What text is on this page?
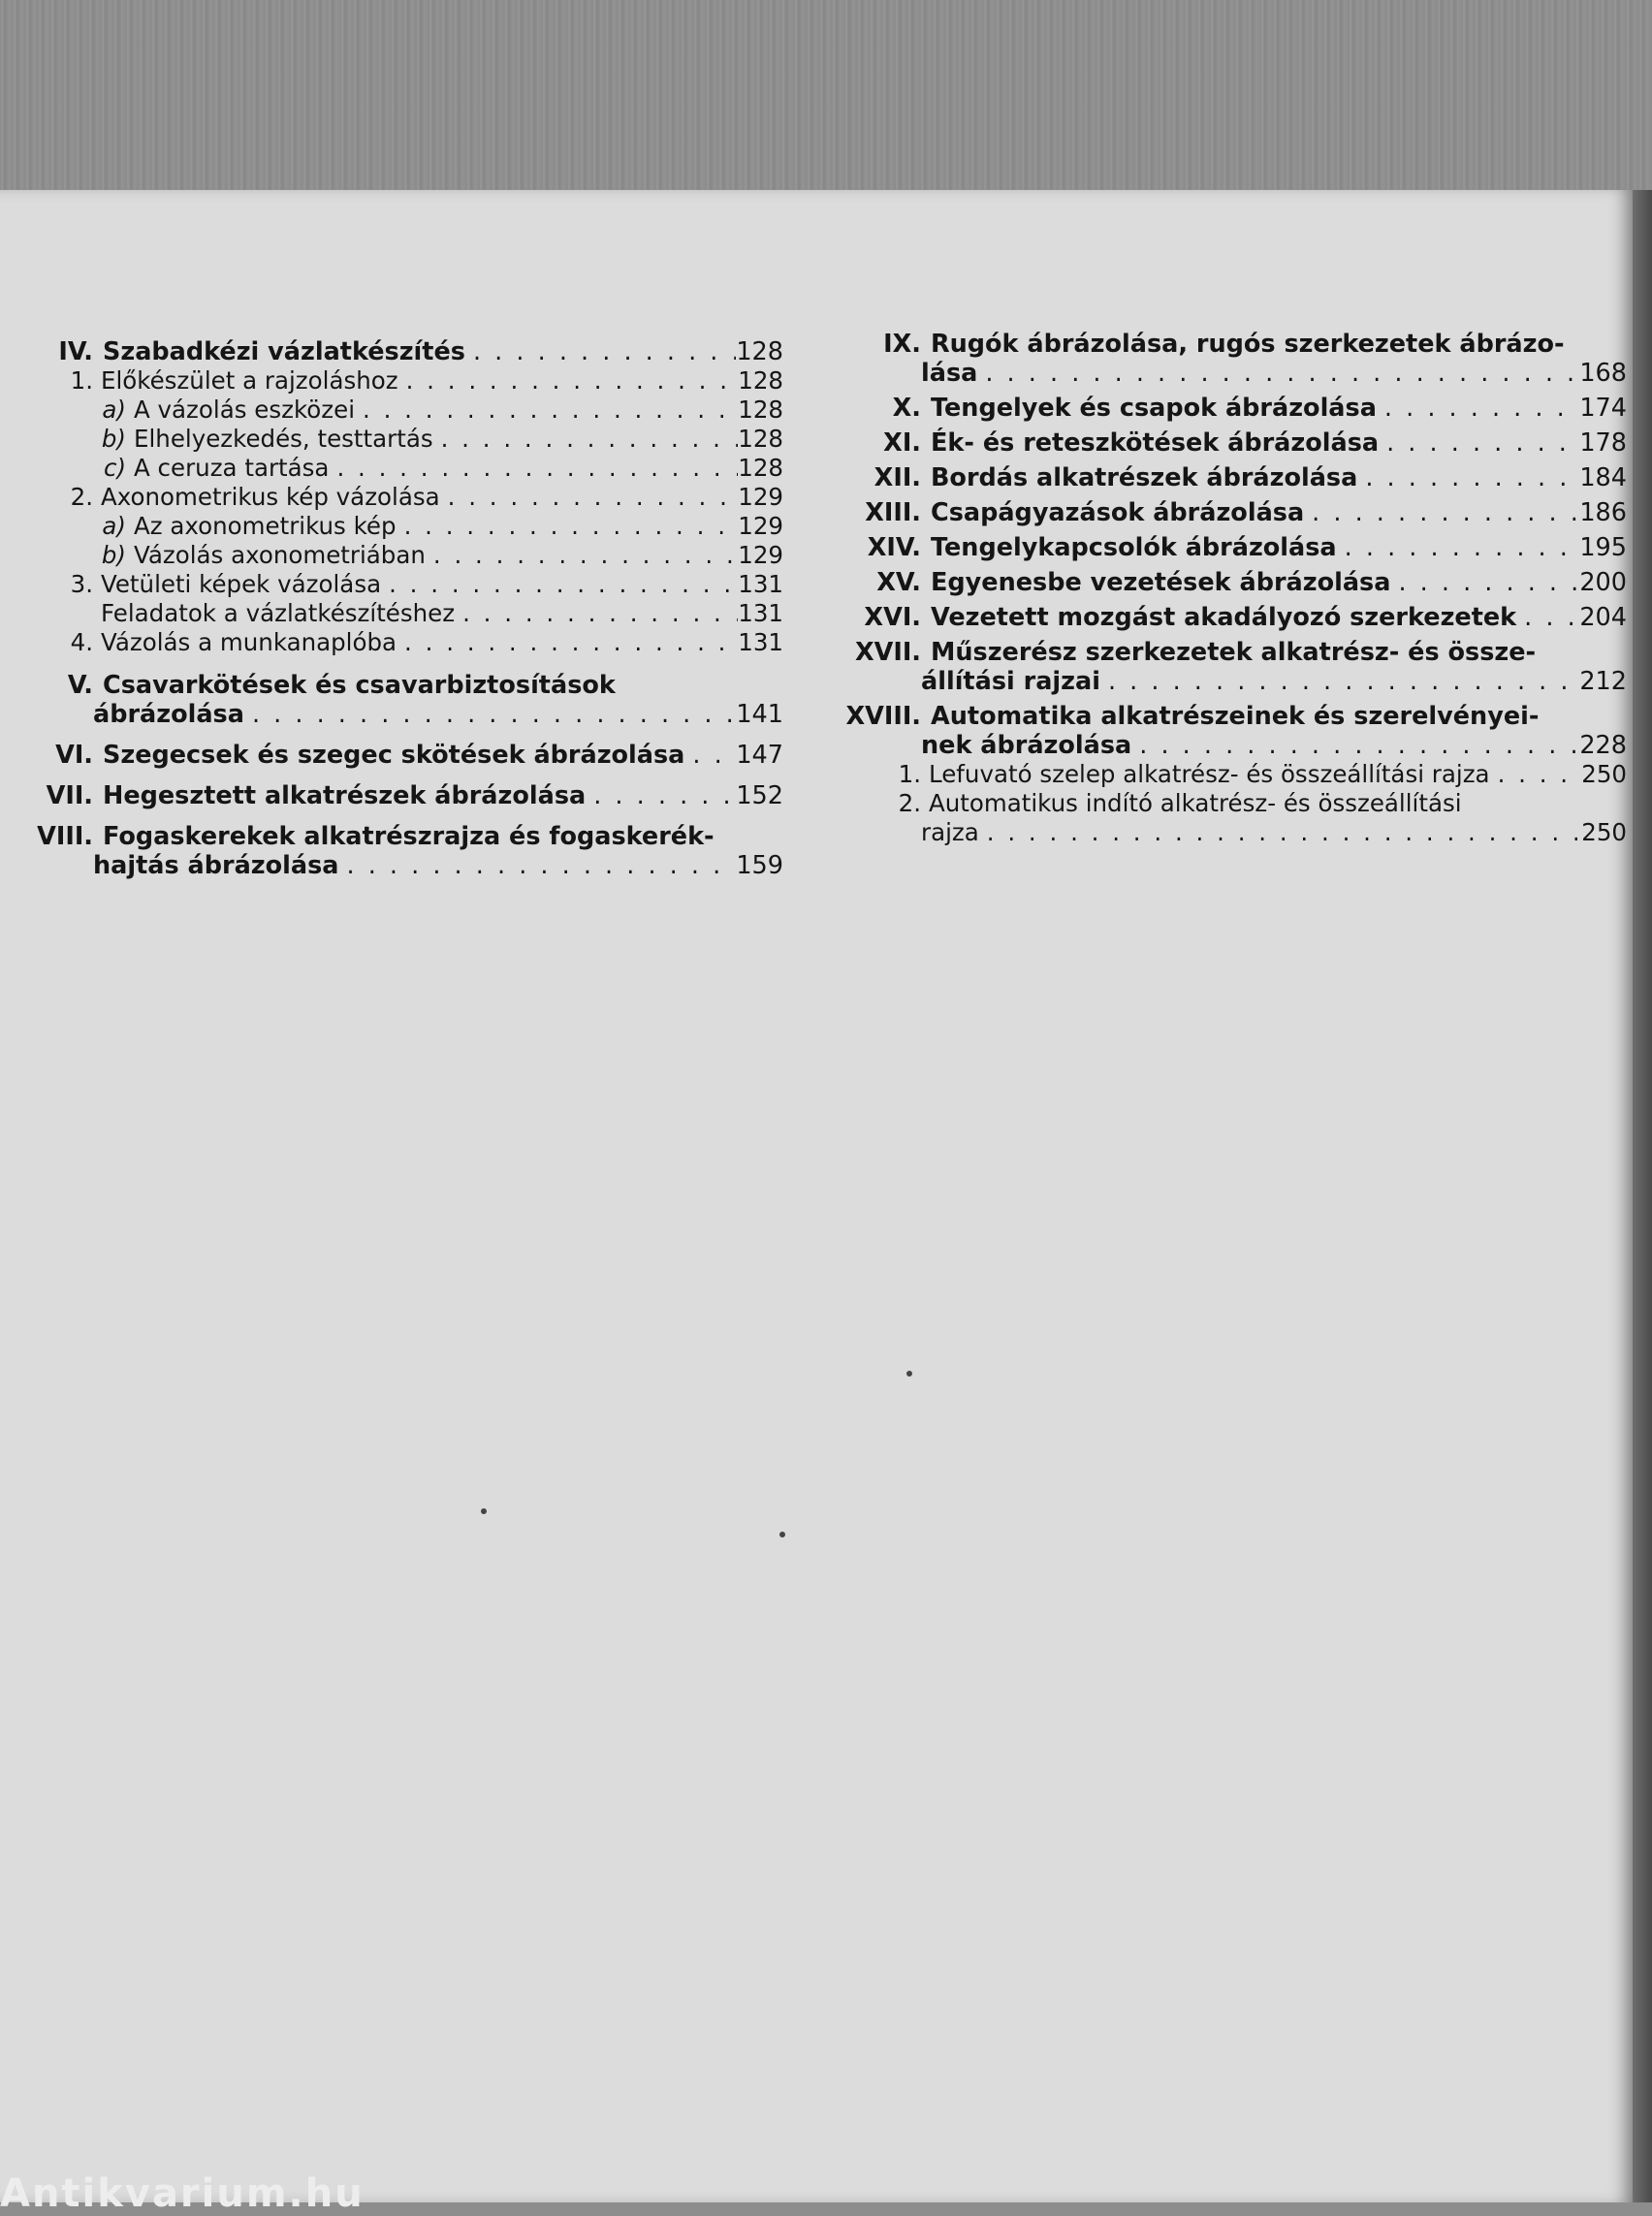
IV. Szabadkézi vázlatkészítés . . .	128
1. Előkészület a rajzoláshoz . . .	128
a) A vázolás eszközei . . .	128
b) Elhelyezkedés, testtartás . . .	128
c) A ceruza tartása . . .	128
2. Axonometrikus kép vázolása . . .	129
a) Az axonometrikus kép . . .	129
b) Vázolás axonometriában . . .	129
3. Vetületi képek vázolása . . .	131
Feladatok a vázlatkészítéshez . . .	131
4. Vázolás a munkanaplóba . . .	131
V. Csavarkötések és csavarbiztosítások
ábrázolása . . .	141
VI. Szegecsek és szegec skötések ábrázolása . . . 147
VII. Hegesztett alkatrészek ábrázolása . . .	152
VIII. Fogaskerekek alkatrészrajza és fogaskerék-
hajtás ábrázolása . . .	159
IX. Rugók ábrázolása, rugós szerkezetek ábrázo-
lása . . .	168
X. Tengelyek és csapok ábrázolása . . .	174
XI. Ék- és reteszkötések ábrázolása . . .	178
XII. Bordás alkatrészek ábrázolása . . .	184
XIII. Csapágyazások ábrázolása . . .	186
XIV. Tengelykapcsolók ábrázolása . . .	195
XV. Egyenesbe vezetések ábrázolása . . .	200
XVI. Vezetett mozgást akadályozó szerkezetek . . .	204
XVII. Műszerész szerkezetek alkatrész- és össze-
állítási rajzai . . .	212
XVIII. Automatika alkatrészeinek és szerelvényei-
nek ábrázolása . . .	228
1. Lefuvató szelep alkatrész- és összeállítási rajza . . .	250
2. Automatikus indító alkatrész- és összeállítási
rajza . . .	250
Antikvarium.hu
